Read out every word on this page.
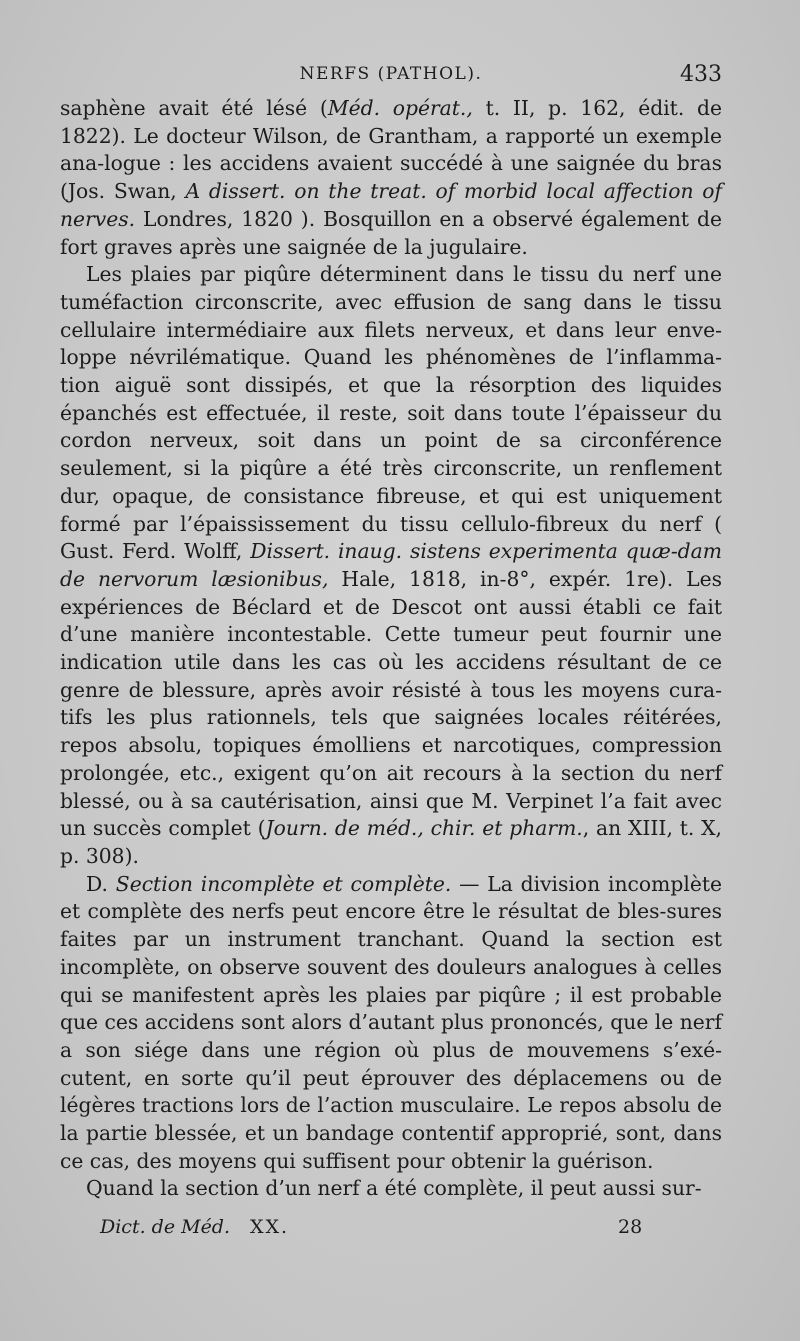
NERFS (PATHOL).	433

saphène avait été lésé (Méd. opérat., t. II, p. 162, édit. de 1822). Le docteur Wilson, de Grantham, a rapporté un exemple ana-logue : les accidens avaient succédé à une saignée du bras (Jos. Swan, A dissert. on the treat. of morbid local affection of nerves. Londres, 1820 ). Bosquillon en a observé également de fort graves après une saignée de la jugulaire.

Les plaies par piqûre déterminent dans le tissu du nerf une tuméfaction circonscrite, avec effusion de sang dans le tissu cellulaire intermédiaire aux filets nerveux, et dans leur enve-loppe névrilématique. Quand les phénomènes de l’inflamma-tion aiguë sont dissipés, et que la résorption des liquides épanchés est effectuée, il reste, soit dans toute l’épaisseur du cordon nerveux, soit dans un point de sa circonférence seulement, si la piqûre a été très circonscrite, un renflement dur, opaque, de consistance fibreuse, et qui est uniquement formé par l’épaississement du tissu cellulo-fibreux du nerf ( Gust. Ferd. Wolff, Dissert. inaug. sistens experimenta quæ-dam de nervorum læsionibus, Hale, 1818, in-8°, expér. 1re). Les expériences de Béclard et de Descot ont aussi établi ce fait d’une manière incontestable. Cette tumeur peut fournir une indication utile dans les cas où les accidens résultant de ce genre de blessure, après avoir résisté à tous les moyens cura-tifs les plus rationnels, tels que saignées locales réitérées, repos absolu, topiques émolliens et narcotiques, compression prolongée, etc., exigent qu’on ait recours à la section du nerf blessé, ou à sa cautérisation, ainsi que M. Verpinet l’a fait avec un succès complet (Journ. de méd., chir. et pharm., an XIII, t. X, p. 308).

D. Section incomplète et complète. — La division incomplète et complète des nerfs peut encore être le résultat de bles-sures faites par un instrument tranchant. Quand la section est incomplète, on observe souvent des douleurs analogues à celles qui se manifestent après les plaies par piqûre ; il est probable que ces accidens sont alors d’autant plus prononcés, que le nerf a son siége dans une région où plus de mouvemens s’exé-cutent, en sorte qu’il peut éprouver des déplacemens ou de légères tractions lors de l’action musculaire. Le repos absolu de la partie blessée, et un bandage contentif approprié, sont, dans ce cas, des moyens qui suffisent pour obtenir la guérison.

Quand la section d’un nerf a été complète, il peut aussi sur-

Dict. de Méd. XX.	28
